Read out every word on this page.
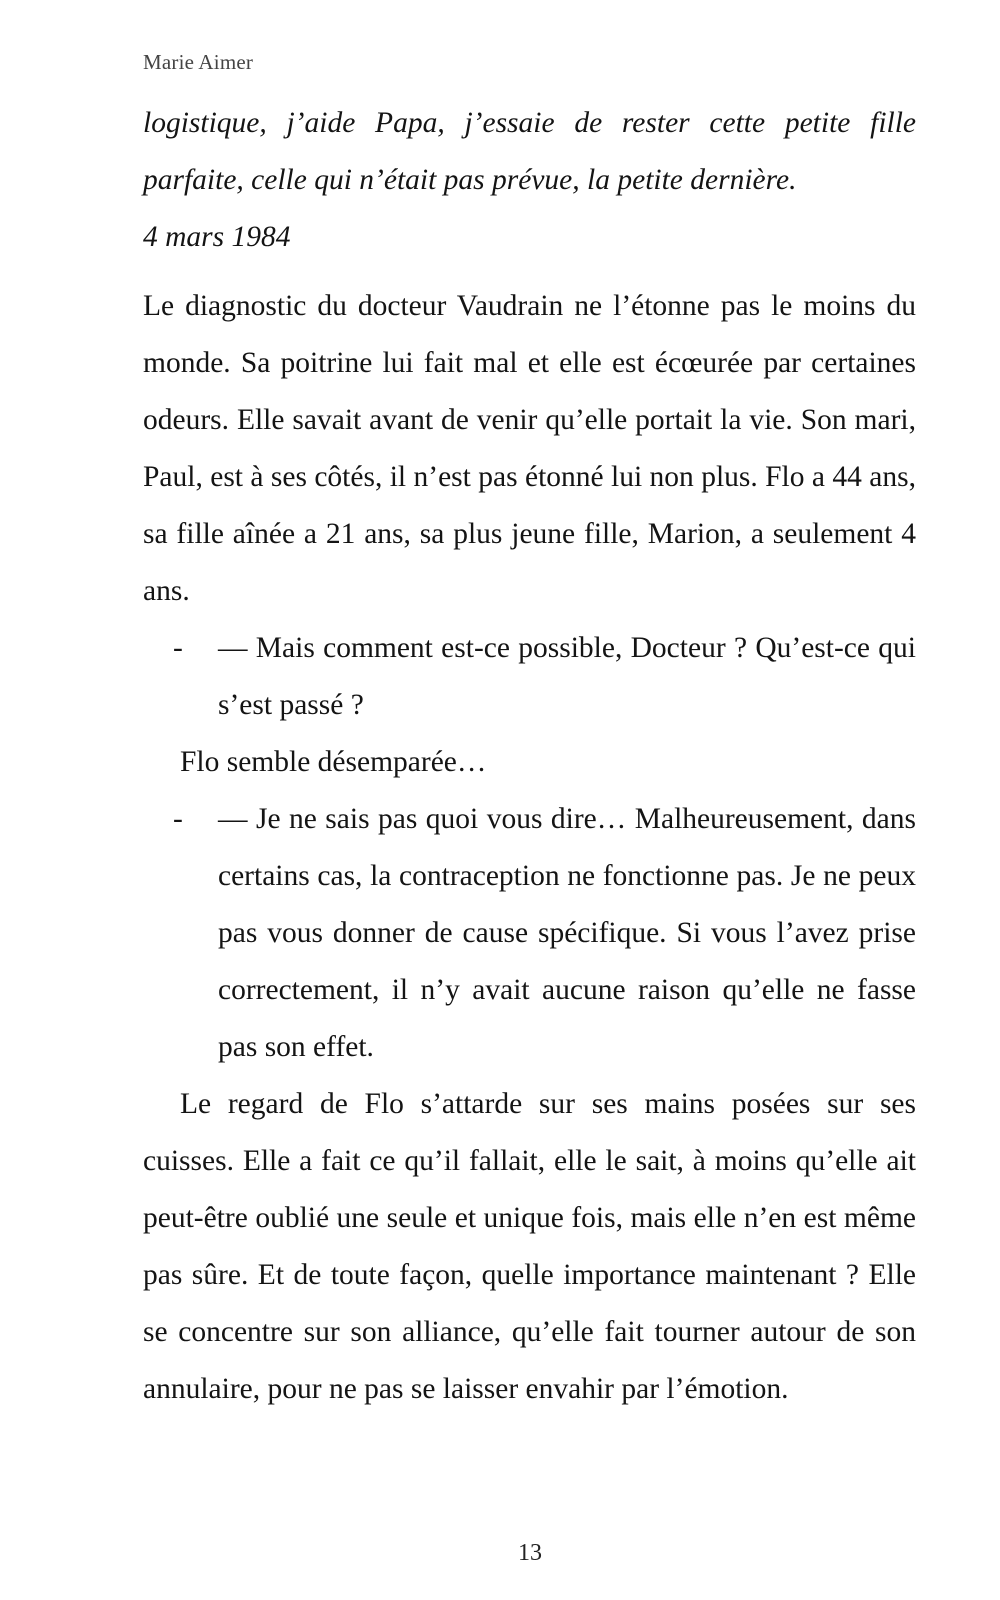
Marie Aimer

logistique, j’aide Papa, j’essaie de rester cette petite fille parfaite, celle qui n’était pas prévue, la petite dernière.

4 mars 1984

Le diagnostic du docteur Vaudrain ne l’étonne pas le moins du monde. Sa poitrine lui fait mal et elle est écœurée par certaines odeurs. Elle savait avant de venir qu’elle portait la vie. Son mari, Paul, est à ses côtés, il n’est pas étonné lui non plus. Flo a 44 ans, sa fille aînée a 21 ans, sa plus jeune fille, Marion, a seulement 4 ans.

- — Mais comment est-ce possible, Docteur ? Qu’est-ce qui s’est passé ?

Flo semble désemparée…

- — Je ne sais pas quoi vous dire… Malheureusement, dans certains cas, la contraception ne fonctionne pas. Je ne peux pas vous donner de cause spécifique. Si vous l’avez prise correctement, il n’y avait aucune raison qu’elle ne fasse pas son effet.

Le regard de Flo s’attarde sur ses mains posées sur ses cuisses. Elle a fait ce qu’il fallait, elle le sait, à moins qu’elle ait peut-être oublié une seule et unique fois, mais elle n’en est même pas sûre. Et de toute façon, quelle importance maintenant ? Elle se concentre sur son alliance, qu’elle fait tourner autour de son annulaire, pour ne pas se laisser envahir par l’émotion.

13
